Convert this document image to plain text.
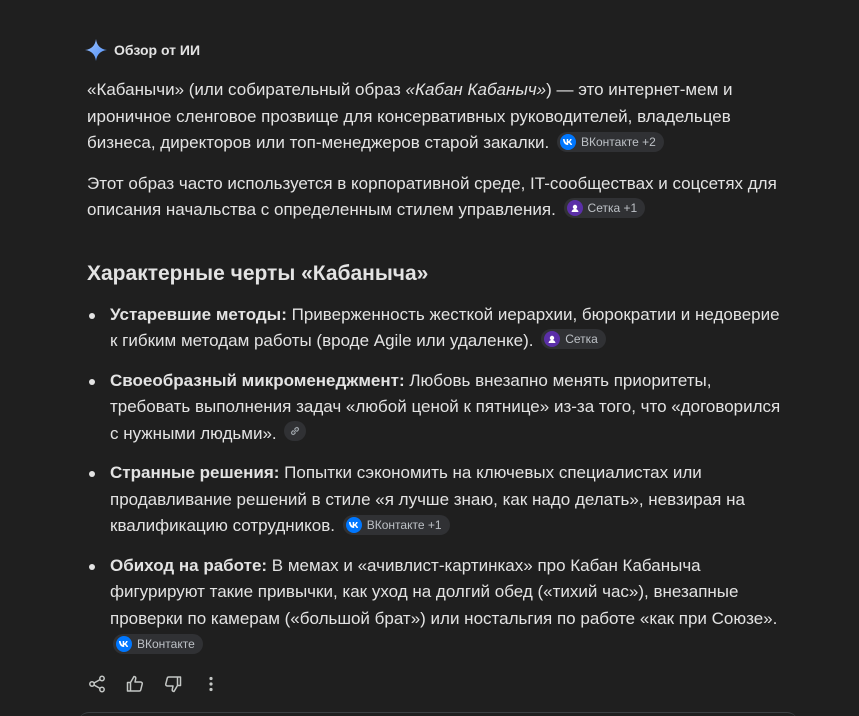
Обзор от ИИ

«Кабанычи» (или собирательный образ «Кабан Кабаныч») — это интернет-мем и ироничное сленговое прозвище для консервативных руководителей, владельцев бизнеса, директоров или топ-менеджеров старой закалки.	ВКонтакте +2

Этот образ часто используется в корпоративной среде, IT-сообществах и соцсетях для описания начальства с определенным стилем управления.	Сетка +1

Характерные черты «Кабаныча»
Устаревшие методы: Приверженность жесткой иерархии, бюрократии и недоверие к гибким методам работы (вроде Agile или удаленке).	Сетка
Своеобразный микроменеджмент: Любовь внезапно менять приоритеты, требовать выполнения задач «любой ценой к пятнице» из-за того, что «договорился с нужными людьми».
Странные решения: Попытки сэкономить на ключевых специалистах или продавливание решений в стиле «я лучше знаю, как надо делать», невзирая на квалификацию сотрудников.	ВКонтакте +1
Обиход на работе: В мемах и «ачивлист-картинках» про Кабан Кабаныча фигурируют такие привычки, как уход на долгий обед («тихий час»), внезапные проверки по камерам («большой брат») или ностальгия по работе «как при Союзе».
ВКонтакте
